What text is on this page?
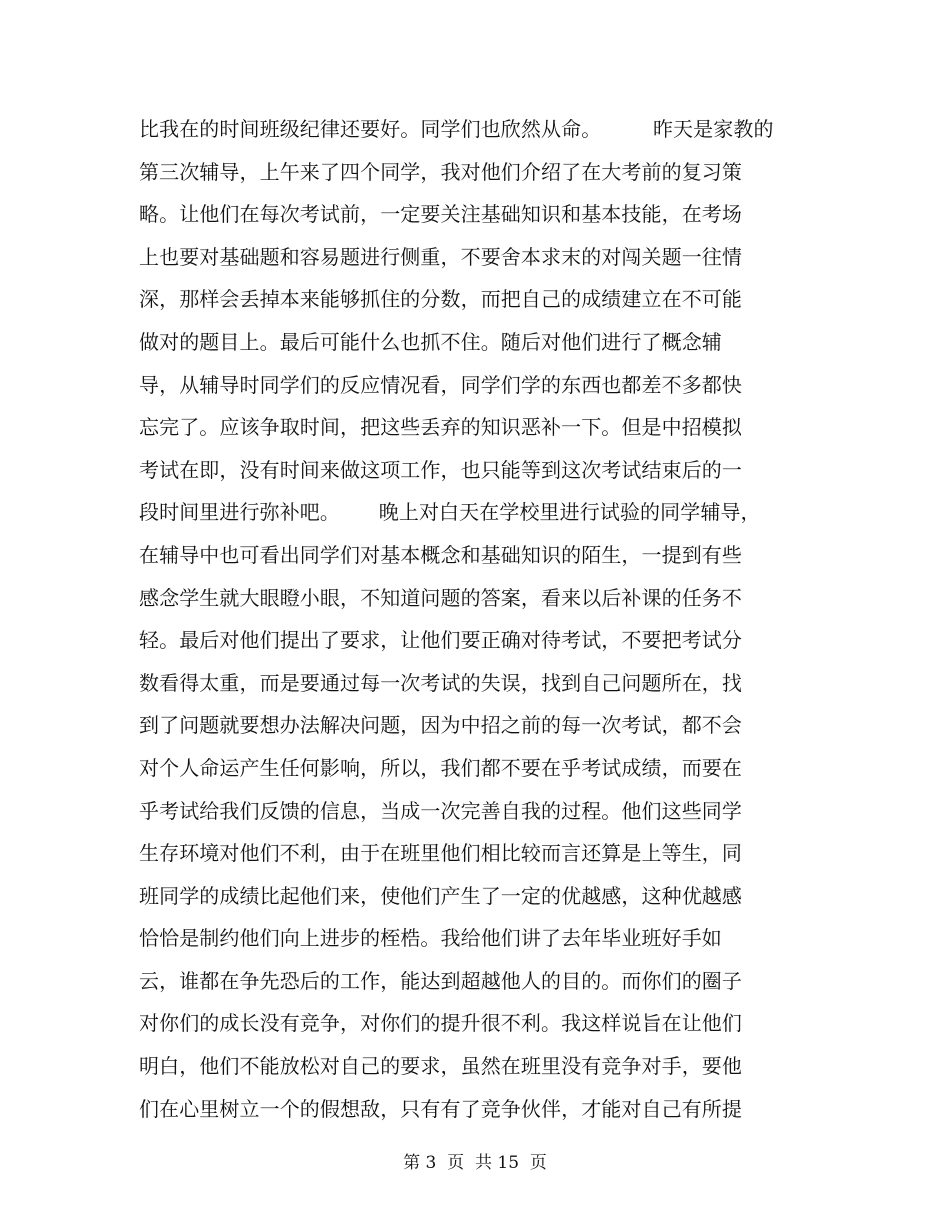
比我在的时间班级纪律还要好。同学们也欣然从命。        昨天是家教的
第三次辅导，上午来了四个同学，我对他们介绍了在大考前的复习策
略。让他们在每次考试前，一定要关注基础知识和基本技能，在考场
上也要对基础题和容易题进行侧重，不要舍本求末的对闯关题一往情
深，那样会丢掉本来能够抓住的分数，而把自己的成绩建立在不可能
做对的题目上。最后可能什么也抓不住。随后对他们进行了概念辅
导，从辅导时同学们的反应情况看，同学们学的东西也都差不多都快
忘完了。应该争取时间，把这些丢弃的知识恶补一下。但是中招模拟
考试在即，没有时间来做这项工作，也只能等到这次考试结束后的一
段时间里进行弥补吧。      晚上对白天在学校里进行试验的同学辅导，
在辅导中也可看出同学们对基本概念和基础知识的陌生，一提到有些
感念学生就大眼瞪小眼，不知道问题的答案，看来以后补课的任务不
轻。最后对他们提出了要求，让他们要正确对待考试，不要把考试分
数看得太重，而是要通过每一次考试的失误，找到自己问题所在，找
到了问题就要想办法解决问题，因为中招之前的每一次考试，都不会
对个人命运产生任何影响，所以，我们都不要在乎考试成绩，而要在
乎考试给我们反馈的信息，当成一次完善自我的过程。他们这些同学
生存环境对他们不利，由于在班里他们相比较而言还算是上等生，同
班同学的成绩比起他们来，使他们产生了一定的优越感，这种优越感
恰恰是制约他们向上进步的桎梏。我给他们讲了去年毕业班好手如
云，谁都在争先恐后的工作，能达到超越他人的目的。而你们的圈子
对你们的成长没有竞争，对你们的提升很不利。我这样说旨在让他们
明白，他们不能放松对自己的要求，虽然在班里没有竞争对手，要他
们在心里树立一个的假想敌，只有有了竞争伙伴，才能对自己有所提
第 3  页  共 15  页
